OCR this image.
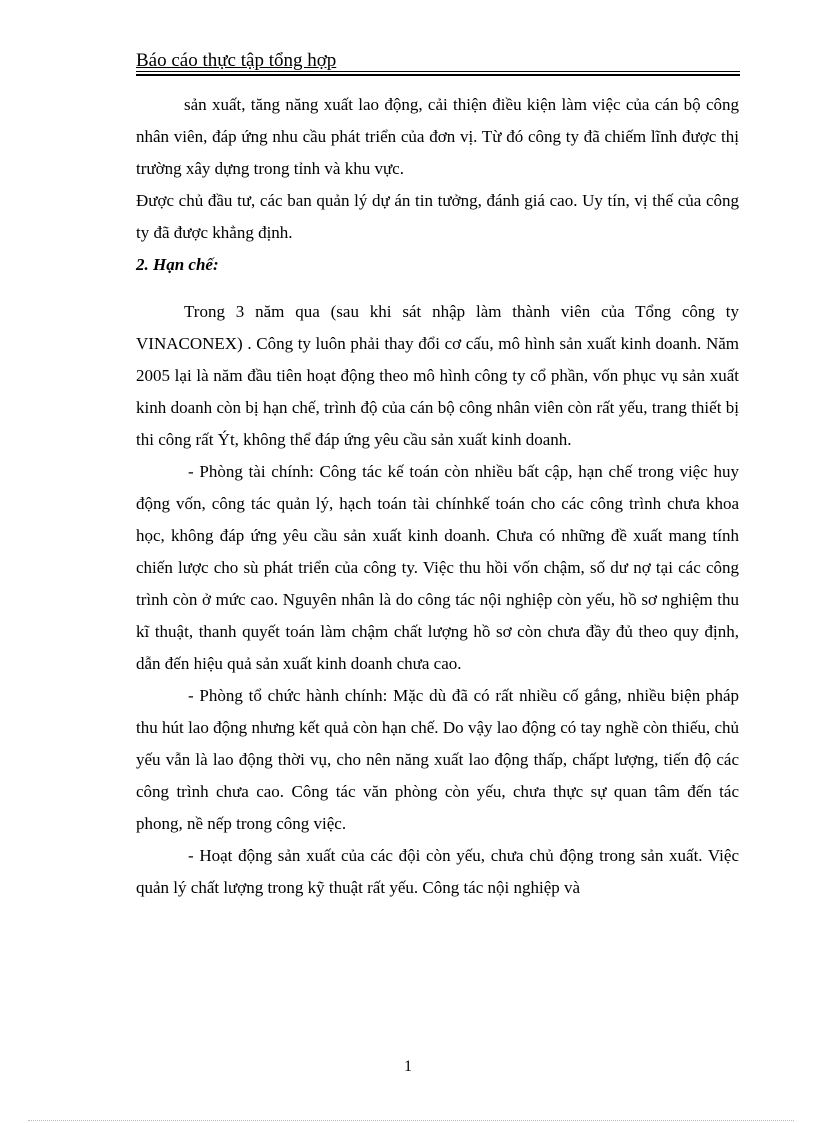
Báo cáo thực tập tổng hợp

sản xuất, tăng năng xuất lao động, cải thiện điều kiện làm việc của cán bộ công nhân viên, đáp ứng nhu cầu phát triển của đơn vị. Từ đó công ty đã chiếm lĩnh được thị trường xây dựng trong tỉnh và khu vực.

Được chủ đầu tư, các ban quản lý dự án tin tưởng, đánh giá cao. Uy tín, vị thế của công ty đã được khẳng định.

2. Hạn chế:

Trong 3 năm qua (sau khi sát nhập làm thành viên của Tổng công ty VINACONEX) . Công ty luôn phải thay đổi cơ cấu, mô hình sản xuất kinh doanh. Năm 2005 lại là năm đầu tiên hoạt động theo mô hình công ty cổ phần, vốn phục vụ sản xuất kinh doanh còn bị hạn chế, trình độ của cán bộ công nhân viên còn rất yếu, trang thiết bị thi công rất Ýt, không thể đáp ứng yêu cầu sản xuất kinh doanh.

- Phòng tài chính: Công tác kế toán còn nhiều bất cập, hạn chế trong việc huy động vốn, công tác quản lý, hạch toán tài chínhkế toán cho các công trình chưa khoa học, không đáp ứng yêu cầu sản xuất kinh doanh. Chưa có những đề xuất mang tính chiến lược cho sù phát triển của công ty. Việc thu hồi vốn chậm, số dư nợ tại các công trình còn ở mức cao. Nguyên nhân là do công tác nội nghiệp còn yếu, hồ sơ nghiệm thu kĩ thuật, thanh quyết toán làm chậm chất lượng hồ sơ còn chưa đầy đủ theo quy định, dẫn đến hiệu quả sản xuất kinh doanh chưa cao.

- Phòng tổ chức hành chính: Mặc dù đã có rất nhiều cố gắng, nhiều biện pháp thu hút lao động nhưng kết quả còn hạn chế. Do vậy lao động có tay nghề còn thiếu, chủ yếu vẫn là lao động thời vụ, cho nên năng xuất lao động thấp, chấpt lượng, tiến độ các công trình chưa cao. Công tác văn phòng còn yếu, chưa thực sự quan tâm đến tác phong, nề nếp trong công việc.

- Hoạt động sản xuất của các đội còn yếu, chưa chủ động trong sản xuất. Việc quản lý chất lượng trong kỹ thuật rất yếu. Công tác nội nghiệp và

1
